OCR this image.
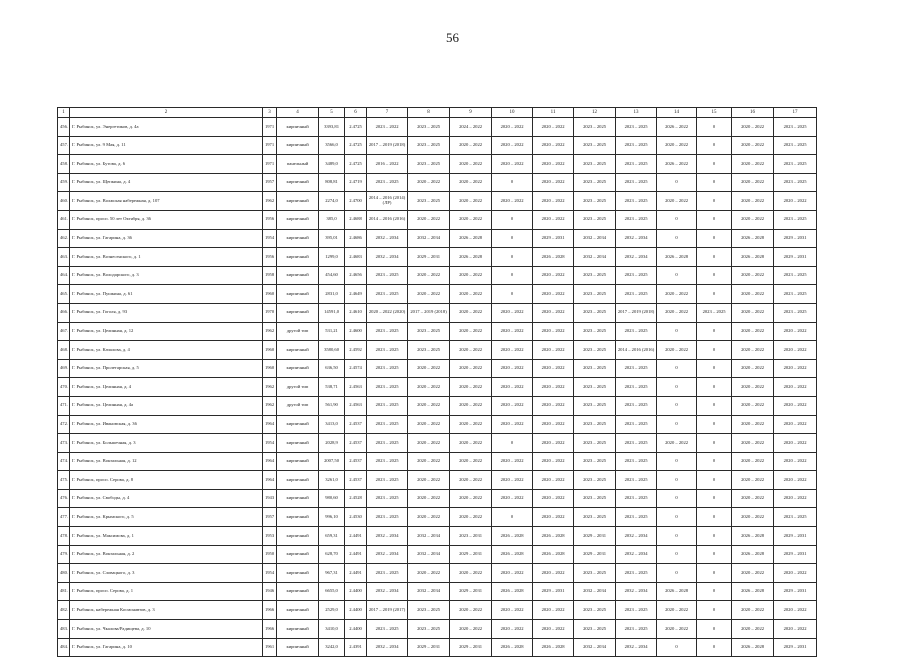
56
1	2	3	4	5	6	7	8	9	10	11	12	13	14	15	16	17
456.	Г. Рыбинск, ул. Энергетиков, д. 4а	1971	кирпичный	3393,81	2.4725	2023 – 2022	2023 – 2025	2024 – 2022	2020 – 2022	2020 – 2022	2023 – 2025	2023 – 2025	2026 – 2022	0	2020 – 2022	2023 – 2025
457.	Г. Рыбинск, ул. 9 Мая, д. 11	1971	кирпичный	3566,0	2.4725	2017 – 2019 (2018)	2023 – 2025	2020 – 2022	2020 – 2022	2020 – 2022	2023 – 2025	2023 – 2025	2020 – 2022	0	2020 – 2022	2023 – 2025
458.	Г. Рыбинск, ул. Бутова, д. 6	1971	панельный	3489,0	2.4725	2016 – 2022	2023 – 2025	2020 – 2022	2020 – 2022	2020 – 2022	2023 – 2025	2023 – 2025	2026 – 2022	0	2020 – 2022	2023 – 2025
459.	Г. Рыбинск, ул. Щепкина, д. 4	1957	кирпичный	808,81	2.4719	2023 – 2025	2020 – 2022	2020 – 2022	0	2020 – 2022	2023 – 2025	2023 – 2025	0	0	2020 – 2022	2023 – 2025
460.	Г. Рыбинск, ул. Волжская набережная, д. 107	1962	кирпичный	2274,0	2.4700	2014 – 2016 (2014) (ЛР)	2023 – 2025	2020 – 2022	2020 – 2022	2020 – 2022	2023 – 2025	2023 – 2025	2020 – 2022	0	2020 – 2022	2020 – 2022
461.	Г. Рыбинск, просп. 50 лет Октября, д. 36	1956	кирпичный	385,0	2.4688	2014 – 2016 (2016)	2020 – 2022	2020 – 2022	0	2020 – 2022	2023 – 2025	2023 – 2025	0	0	2020 – 2022	2023 – 2025
462.	Г. Рыбинск, ул. Гагарина, д. 36	1954	кирпичный	395,01	2.4686	2032 – 2034	2032 – 2034	2026 – 2028	0	2029 – 2031	2032 – 2034	2032 – 2034	0	0	2026 – 2028	2029 – 2031
463.	Г. Рыбинск, ул. Вознесенского, д. 1	1956	кирпичный	1299,0	2.4683	2032 – 2034	2029 – 2031	2026 – 2028	0	2026 – 2028	2032 – 2034	2032 – 2034	2026 – 2028	0	2026 – 2028	2029 – 2031
464.	Г. Рыбинск, ул. Володарского, д. 3	1958	кирпичный	454,60	2.4656	2023 – 2025	2020 – 2022	2020 – 2022	0	2020 – 2022	2023 – 2025	2023 – 2025	0	0	2020 – 2022	2023 – 2025
465.	Г. Рыбинск, ул. Пушкина, д. 61	1960	кирпичный	2831,0	2.4649	2023 – 2025	2020 – 2022	2020 – 2022	0	2020 – 2022	2023 – 2025	2023 – 2025	2020 – 2022	0	2020 – 2022	2023 – 2025
466.	Г. Рыбинск, ул. Гоголя, д. 93	1970	кирпичный	14591,0	2.4610	2020 – 2022 (2020)	2017 – 2019 (2018)	2020 – 2022	2020 – 2022	2020 – 2022	2023 – 2025	2017 – 2019 (2018)	2020 – 2022	2023 – 2025	2020 – 2022	2023 – 2025
467.	Г. Рыбинск, ул. Целинная, д. 12	1962	другой тип	531,21	2.4600	2023 – 2025	2023 – 2025	2020 – 2022	2020 – 2022	2020 – 2022	2023 – 2025	2023 – 2025	0	0	2020 – 2022	2020 – 2022
468.	Г. Рыбинск, ул. Качалова, д. 4	1960	кирпичный	3580,60	2.4592	2023 – 2025	2023 – 2025	2020 – 2022	2020 – 2022	2020 – 2022	2023 – 2025	2014 – 2016 (2016)	2020 – 2022	0	2020 – 2022	2020 – 2022
469.	Г. Рыбинск, ул. Пролетарская, д. 5	1960	кирпичный	636,50	2.4574	2023 – 2025	2020 – 2022	2020 – 2022	2020 – 2022	2020 – 2022	2023 – 2025	2023 – 2025	0	0	2020 – 2022	2020 – 2022
470.	Г. Рыбинск, ул. Целинная, д. 4	1962	другой тип	538,71	2.4563	2023 – 2025	2020 – 2022	2020 – 2022	2020 – 2022	2020 – 2022	2023 – 2025	2023 – 2025	0	0	2020 – 2022	2020 – 2022
471.	Г. Рыбинск, ул. Целинная, д. 4а	1962	другой тип	561,90	2.4563	2023 – 2025	2020 – 2022	2020 – 2022	2020 – 2022	2020 – 2022	2023 – 2025	2023 – 2025	0	0	2020 – 2022	2020 – 2022
472.	Г. Рыбинск, ул. Ивановская, д. 36	1964	кирпичный	3413,0	2.4537	2023 – 2025	2020 – 2022	2020 – 2022	2020 – 2022	2020 – 2022	2023 – 2025	2023 – 2025	0	0	2020 – 2022	2020 – 2022
473.	Г. Рыбинск, ул. Большечная, д. 3	1954	кирпичный	2028,9	2.4537	2023 – 2025	2020 – 2022	2020 – 2022	0	2020 – 2022	2023 – 2025	2023 – 2025	2020 – 2022	0	2020 – 2022	2020 – 2022
474.	Г. Рыбинск, ул. Вокзальная, д. 12	1964	кирпичный	2007,50	2.4537	2023 – 2025	2020 – 2022	2020 – 2022	2020 – 2022	2020 – 2022	2023 – 2025	2023 – 2025	0	0	2020 – 2022	2020 – 2022
475.	Г. Рыбинск, просп. Серова, д. 8	1964	кирпичный	3261,0	2.4537	2023 – 2025	2020 – 2022	2020 – 2022	2020 – 2022	2020 – 2022	2023 – 2025	2023 – 2025	0	0	2020 – 2022	2020 – 2022
476.	Г. Рыбинск, ул. Свободы, д. 4	1943	кирпичный	980,60	2.4528	2023 – 2025	2020 – 2022	2020 – 2022	2020 – 2022	2020 – 2022	2023 – 2025	2023 – 2025	0	0	2020 – 2022	2020 – 2022
477.	Г. Рыбинск, ул. Крымского, д. 5	1957	кирпичный	996,10	2.4530	2023 – 2025	2020 – 2022	2020 – 2022	0	2020 – 2022	2023 – 2025	2023 – 2025	0	0	2020 – 2022	2023 – 2025
478.	Г. Рыбинск, ул. Максимова, д. 1	1953	кирпичный	659,31	2.4491	2032 – 2034	2032 – 2034	2023 – 2031	2026 – 2028	2026 – 2028	2029 – 2031	2032 – 2034	0	0	2026 – 2028	2029 – 2031
479.	Г. Рыбинск, ул. Вокзальная, д. 2	1950	кирпичный	628,70	2.4491	2032 – 2034	2032 – 2034	2029 – 2031	2026 – 2028	2026 – 2028	2029 – 2031	2032 – 2034	0	0	2026 – 2028	2029 – 2031
480.	Г. Рыбинск, ул. Словацкого, д. 3	1954	кирпичный	967,31	2.4491	2023 – 2025	2020 – 2022	2020 – 2022	2020 – 2022	2020 – 2022	2023 – 2025	2023 – 2025	0	0	2020 – 2022	2020 – 2022
481.	Г. Рыбинск, просп. Серова, д. 1	1946	кирпичный	6655,0	2.4400	2032 – 2034	2032 – 2034	2029 – 2031	2026 – 2028	2029 – 2031	2032 – 2034	2032 – 2034	2026 – 2028	0	2026 – 2028	2029 – 2031
482.	Г. Рыбинск, набережная Космонавтов, д. 3	1966	кирпичный	2529,0	2.4400	2017 – 2019 (2017)	2023 – 2025	2020 – 2022	2020 – 2022	2020 – 2022	2023 – 2025	2023 – 2025	2020 – 2022	0	2020 – 2022	2020 – 2022
483.	Г. Рыбинск, ул. Чкалова/Радищева, д. 10	1966	кирпичный	3410,0	2.4400	2023 – 2025	2023 – 2025	2020 – 2022	2020 – 2022	2020 – 2022	2023 – 2025	2023 – 2025	2020 – 2022	0	2020 – 2022	2020 – 2022
484.	Г. Рыбинск, ул. Гагарина, д. 10	1961	кирпичный	3242,0	2.4391	2032 – 2034	2029 – 2031	2029 – 2031	2026 – 2028	2026 – 2028	2032 – 2034	2032 – 2034	0	0	2026 – 2028	2029 – 2031
